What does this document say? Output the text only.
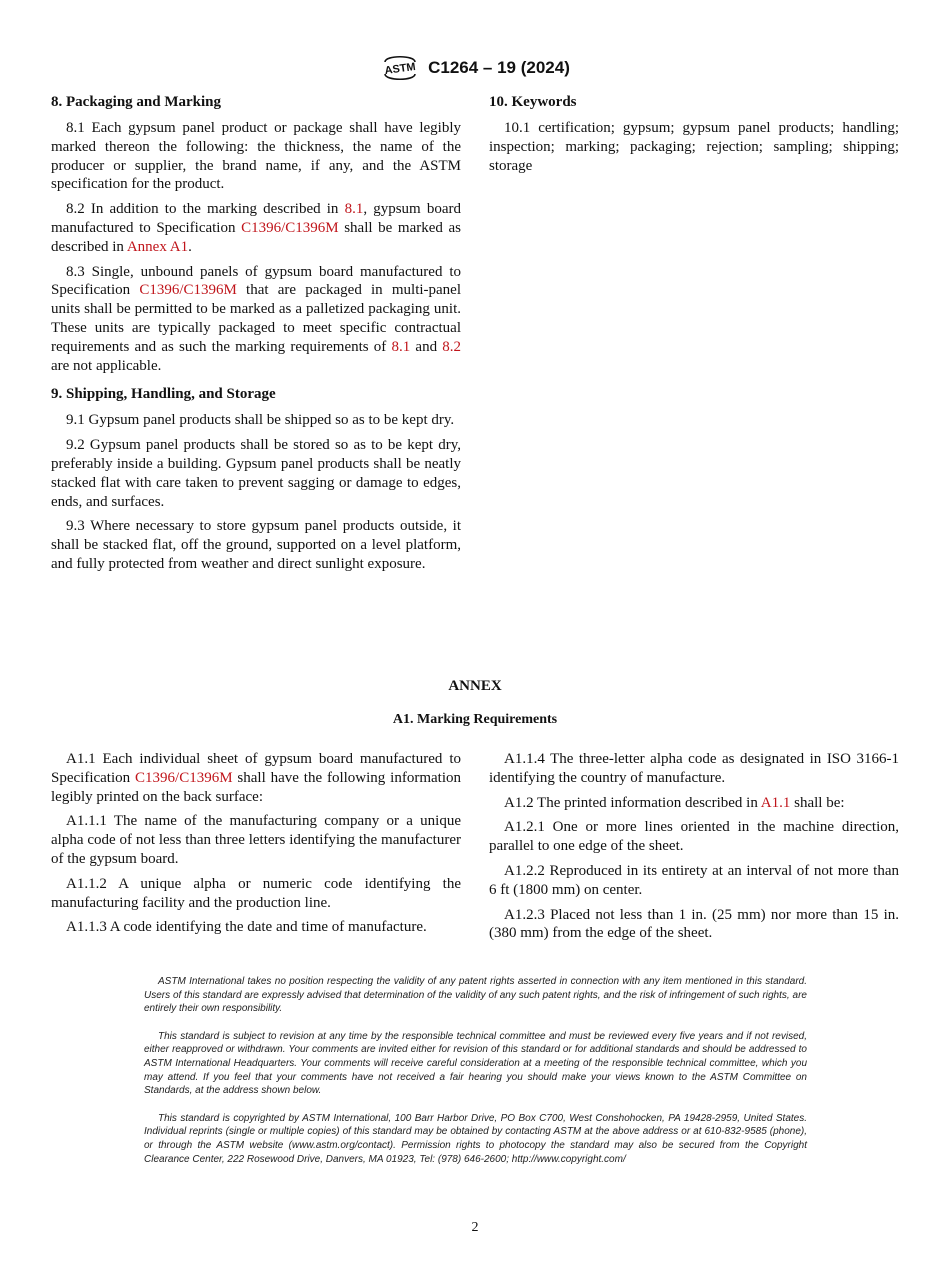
ASTM C1264 – 19 (2024)
8. Packaging and Marking

8.1 Each gypsum panel product or package shall have legibly marked thereon the following: the thickness, the name of the producer or supplier, the brand name, if any, and the ASTM specification for the product.

8.2 In addition to the marking described in 8.1, gypsum board manufactured to Specification C1396/C1396M shall be marked as described in Annex A1.

8.3 Single, unbound panels of gypsum board manufactured to Specification C1396/C1396M that are packaged in multi-panel units shall be permitted to be marked as a palletized packaging unit. These units are typically packaged to meet specific contractual requirements and as such the marking requirements of 8.1 and 8.2 are not applicable.

9. Shipping, Handling, and Storage

9.1 Gypsum panel products shall be shipped so as to be kept dry.

9.2 Gypsum panel products shall be stored so as to be kept dry, preferably inside a building. Gypsum panel products shall be neatly stacked flat with care taken to prevent sagging or damage to edges, ends, and surfaces.

9.3 Where necessary to store gypsum panel products outside, it shall be stacked flat, off the ground, supported on a level platform, and fully protected from weather and direct sunlight exposure.

10. Keywords

10.1 certification; gypsum; gypsum panel products; handling; inspection; marking; packaging; rejection; sampling; shipping; storage

ANNEX
A1. Marking Requirements

A1.1 Each individual sheet of gypsum board manufactured to Specification C1396/C1396M shall have the following information legibly printed on the back surface:

A1.1.1 The name of the manufacturing company or a unique alpha code of not less than three letters identifying the manufacturer of the gypsum board.

A1.1.2 A unique alpha or numeric code identifying the manufacturing facility and the production line.

A1.1.3 A code identifying the date and time of manufacture.

A1.1.4 The three-letter alpha code as designated in ISO 3166-1 identifying the country of manufacture.

A1.2 The printed information described in A1.1 shall be:

A1.2.1 One or more lines oriented in the machine direction, parallel to one edge of the sheet.

A1.2.2 Reproduced in its entirety at an interval of not more than 6 ft (1800 mm) on center.

A1.2.3 Placed not less than 1 in. (25 mm) nor more than 15 in. (380 mm) from the edge of the sheet.

ASTM International takes no position respecting the validity of any patent rights asserted in connection with any item mentioned in this standard. Users of this standard are expressly advised that determination of the validity of any such patent rights, and the risk of infringement of such rights, are entirely their own responsibility.

This standard is subject to revision at any time by the responsible technical committee and must be reviewed every five years and if not revised, either reapproved or withdrawn. Your comments are invited either for revision of this standard or for additional standards and should be addressed to ASTM International Headquarters. Your comments will receive careful consideration at a meeting of the responsible technical committee, which you may attend. If you feel that your comments have not received a fair hearing you should make your views known to the ASTM Committee on Standards, at the address shown below.

This standard is copyrighted by ASTM International, 100 Barr Harbor Drive, PO Box C700, West Conshohocken, PA 19428-2959, United States. Individual reprints (single or multiple copies) of this standard may be obtained by contacting ASTM at the above address or at 610-832-9585 (phone), or through the ASTM website (www.astm.org/contact). Permission rights to photocopy the standard may also be secured from the Copyright Clearance Center, 222 Rosewood Drive, Danvers, MA 01923, Tel: (978) 646-2600; http://www.copyright.com/

2
